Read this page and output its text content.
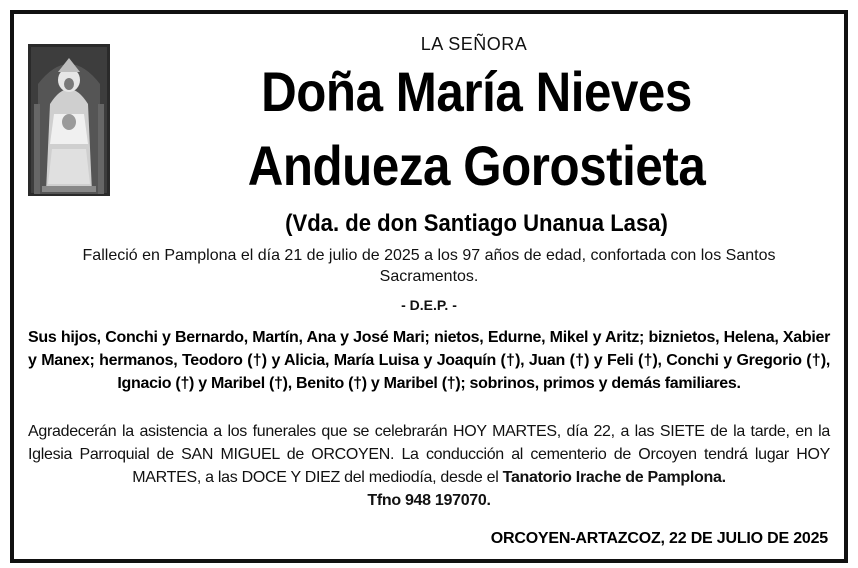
LA SEÑORA
Doña María Nieves
Andueza Gorostieta
(Vda. de don Santiago Unanua Lasa)
Falleció en Pamplona el día 21 de julio de 2025 a los 97 años de edad, confortada con los Santos Sacramentos.
- D.E.P. -
Sus hijos, Conchi y Bernardo, Martín, Ana y José Mari; nietos, Edurne, Mikel y Aritz; biznietos, Helena, Xabier y Manex; hermanos, Teodoro (†) y Alicia, María Luisa y Joaquín (†), Juan (†) y Feli (†), Conchi y Gregorio (†), Ignacio (†) y Maribel (†), Benito (†) y Maribel (†); sobrinos, primos y demás familiares.
Agradecerán la asistencia a los funerales que se celebrarán HOY MARTES, día 22, a las SIETE de la tarde, en la Iglesia Parroquial de SAN MIGUEL de ORCOYEN. La conducción al cementerio de Orcoyen tendrá lugar HOY MARTES, a las DOCE Y DIEZ del mediodía, desde el Tanatorio Irache de Pamplona.
Tfno 948 197070.
ORCOYEN-ARTAZCOZ, 22 DE JULIO DE 2025
